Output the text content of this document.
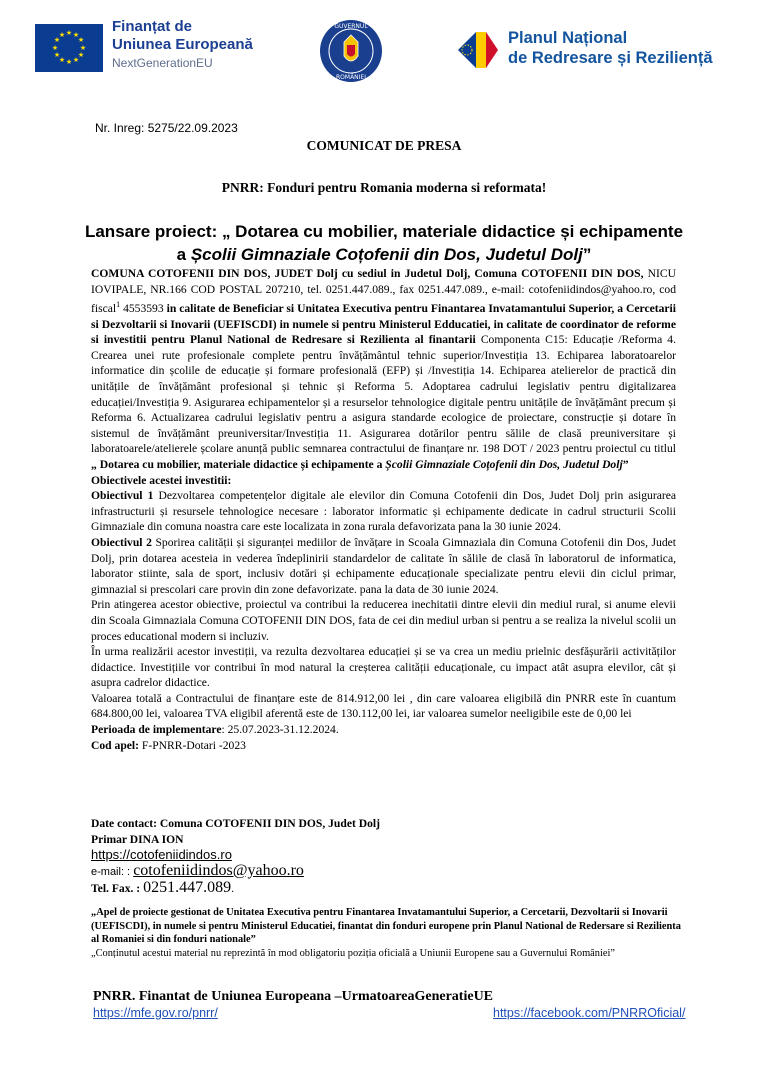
★ ★
★
★
★
★
★
★
★
★
★
★	Finanțat de
Uniunea Europeană
NextGenerationEU
GUVERNUL
ROMÂNIEI
Planul Național
de Redresare și Reziliență
Nr. Inreg: 5275/22.09.2023
COMUNICAT DE PRESA
PNRR: Fonduri pentru Romania moderna si reformata!
Lansare proiect: „ Dotarea cu mobilier, materiale didactice și echipamente
a Școlii Gimnaziale Coțofenii din Dos, Judetul Dolj”

COMUNA COTOFENII DIN DOS, JUDET Dolj cu sediul in Judetul Dolj, Comuna COTOFENII DIN DOS, NICU IOVIPALE, NR.166 COD POSTAL 207210, tel. 0251.447.089., fax 0251.447.089., e-mail: cotofeniidindos@yahoo.ro, cod fiscal$^1$ 4553593 in calitate de Beneficiar si Unitatea Executiva pentru Finantarea Invatamantului Superior, a Cercetarii si Dezvoltarii si Inovarii (UEFISCDI) in numele si pentru Ministerul Edducatiei, in calitate de coordinator de reforme si investitii pentru Planul National de Redresare si Rezilienta al finantarii Componenta C15: Educație /Reforma 4. Crearea unei rute profesionale complete pentru învățământul tehnic superior/Investiția 13. Echiparea laboratoarelor informatice din școlile de educație și formare profesională (EFP) și /Investiția 14. Echiparea atelierelor de practică din unitățile de învățământ profesional și tehnic și Reforma 5. Adoptarea cadrului legislativ pentru digitalizarea educației/Investiția 9. Asigurarea echipamentelor și a resurselor tehnologice digitale pentru unitățile de învățământ precum și Reforma 6. Actualizarea cadrului legislativ pentru a asigura standarde ecologice de proiectare, construcție și dotare în sistemul de învățământ preuniversitar/Investiția 11. Asigurarea dotărilor pentru sălile de clasă preuniversitare și laboratoarele/atelierele școlare anunță public semnarea contractului de finanțare nr. 198 DOT / 2023 pentru proiectul cu titlul „ Dotarea cu mobilier, materiale didactice și echipamente a Școlii Gimnaziale Coțofenii din Dos, Judetul Dolj”

Obiectivele acestei investitii:

Obiectivul 1 Dezvoltarea competențelor digitale ale elevilor din Comuna Cotofenii din Dos, Judet Dolj prin asigurarea infrastructurii și resursele tehnologice necesare : laborator informatic și echipamente dedicate in cadrul structurii Scolii Gimnaziale din comuna noastra care este localizata in zona rurala defavorizata pana la 30 iunie 2024.

Obiectivul 2 Sporirea calității și siguranței mediilor de învățare in Scoala Gimnaziala din Comuna Cotofenii din Dos, Judet Dolj, prin dotarea acesteia in vederea îndeplinirii standardelor de calitate în sălile de clasă în laboratorul de informatica, laborator stiinte, sala de sport, inclusiv dotări și echipamente educaționale specializate pentru elevii din ciclul primar, gimnazial si prescolari care provin din zone defavorizate. pana la data de 30 iunie 2024.

Prin atingerea acestor obiective, proiectul va contribui la reducerea inechitatii dintre elevii din mediul rural, si anume elevii din Scoala Gimnaziala Comuna COTOFENII DIN DOS, fata de cei din mediul urban si pentru a se realiza la nivelul scolii un proces educational modern si incluziv.

În urma realizării acestor investiții, va rezulta dezvoltarea educației și se va crea un mediu prielnic desfășurării activităților didactice. Investițiile vor contribui în mod natural la creșterea calității educaționale, cu impact atât asupra elevilor, cât și asupra cadrelor didactice.

Valoarea totală a Contractului de finanțare este de 814.912,00 lei , din care valoarea eligibilă din PNRR este în cuantum 684.800,00 lei, valoarea TVA eligibil aferentă este de 130.112,00 lei, iar valoarea sumelor neeligibile este de 0,00 lei

Perioada de implementare: 25.07.2023-31.12.2024.

Cod apel: F-PNRR-Dotari -2023

Date contact: Comuna COTOFENII DIN DOS, Judet Dolj
Primar DINA ION
https://cotofeniidindos.ro
e-mail: : cotofeniidindos@yahoo.ro
Tel. Fax. : 0251.447.089.

„Apel de proiecte gestionat de Unitatea Executiva pentru Finantarea Invatamantului Superior, a Cercetarii, Dezvoltarii si Inovarii (UEFISCDI), in numele si pentru Ministerul Educatiei, finantat din fonduri europene prin Planul National de Redersare si Rezilienta al Romaniei si din fonduri nationale”

„Conținutul acestui material nu reprezintă în mod obligatoriu poziția oficială a Uniunii Europene sau a Guvernului României”

PNRR. Finantat de Uniunea Europeana –UrmatoareaGeneratieUE
https://mfe.gov.ro/pnrr/	https://facebook.com/PNRROficial/
